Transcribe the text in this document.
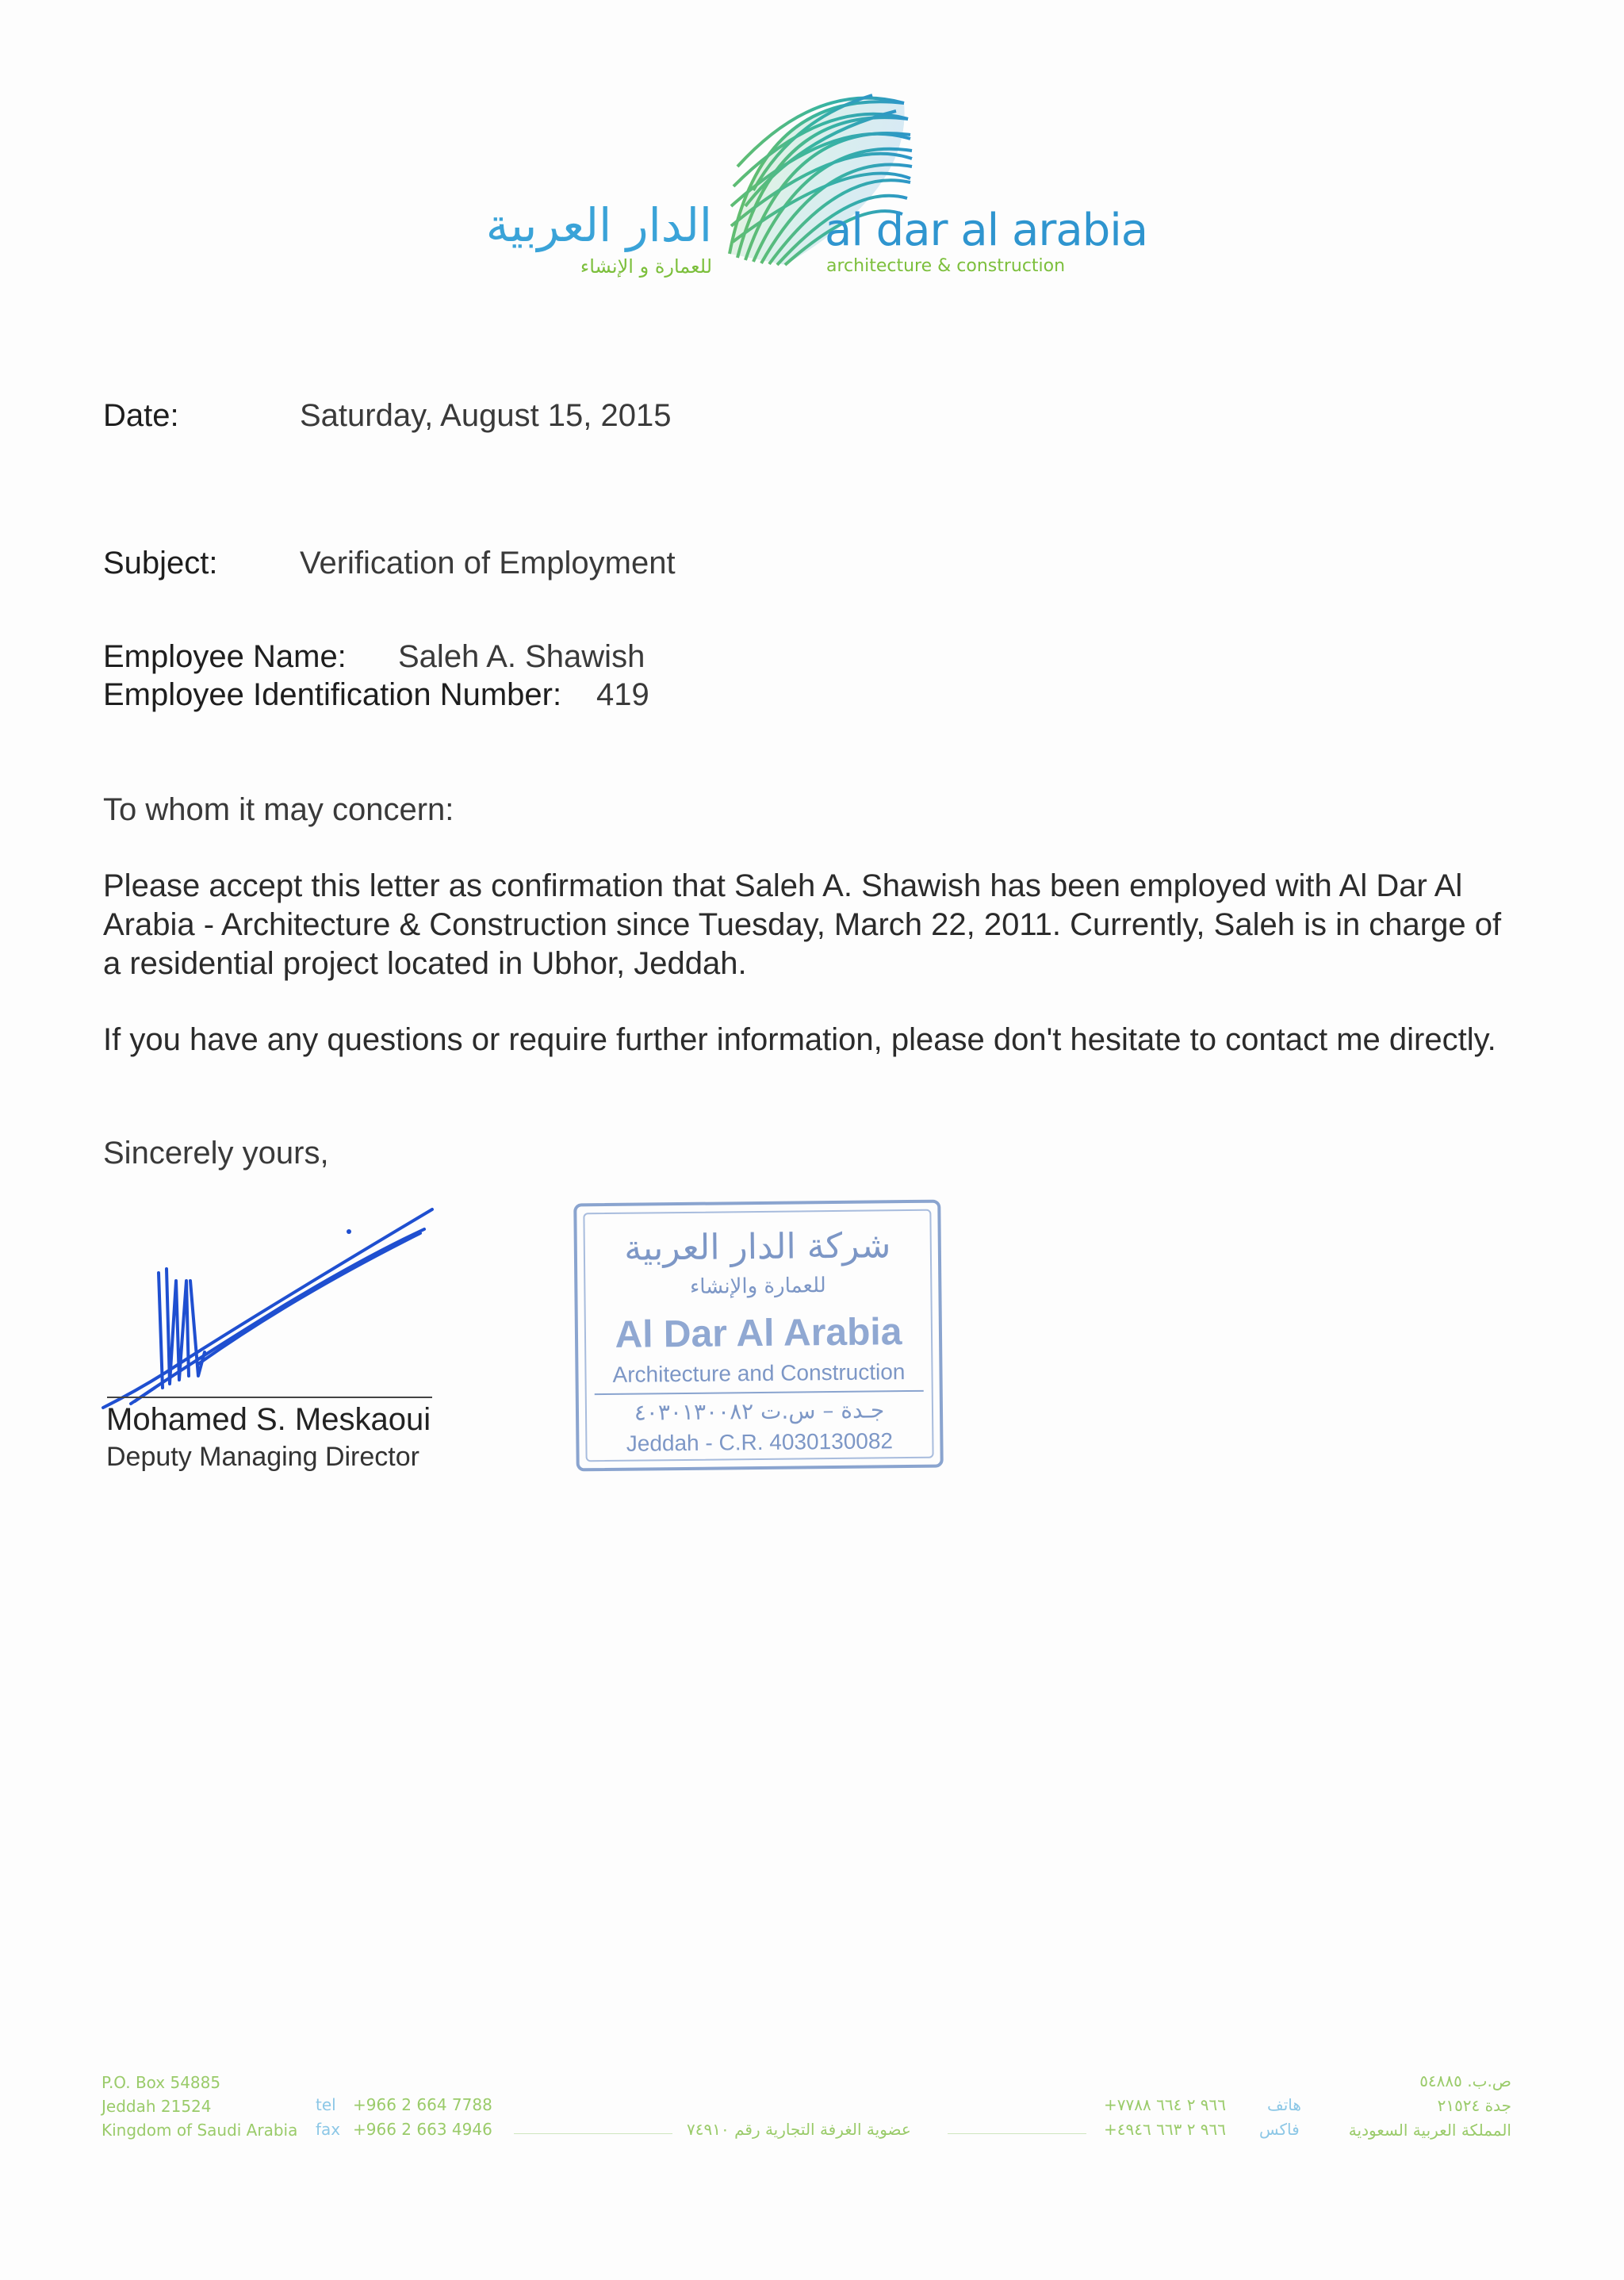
الدار العربية
للعمارة و الإنشاء
al dar al arabia
architecture & construction
Date:	Saturday, August 15, 2015
Subject:	Verification of Employment
Employee Name: Saleh A. Shawish
Employee Identification Number: 419
To whom it may concern:
Please accept this letter as confirmation that Saleh A. Shawish has been employed with Al Dar Al Arabia - Architecture & Construction since Tuesday, March 22, 2011. Currently, Saleh is in charge of a residential project located in Ubhor, Jeddah.
If you have any questions or require further information, please don't hesitate to contact me directly.
Sincerely yours,
Mohamed S. Meskaoui
Deputy Managing Director
شركة الدار العربية
للعمارة والإنشاء
Al Dar Al Arabia
Architecture and Construction
جـدة – س.ت ٤٠٣٠١٣٠٠٨٢
Jeddah - C.R. 4030130082
P.O. Box 54885
Jeddah 21524
Kingdom of Saudi Arabia
tel +966 2 664 7788
fax +966 2 663 4946	عضوية الغرفة التجارية رقم ٧٤٩١٠
+٩٦٦ ٢ ٦٦٤ ٧٧٨٨	هاتف
+٩٦٦ ٢ ٦٦٣ ٤٩٤٦ فاكس
ص.ب. ٥٤٨٨٥
جدة ٢١٥٢٤
المملكة العربية السعودية
